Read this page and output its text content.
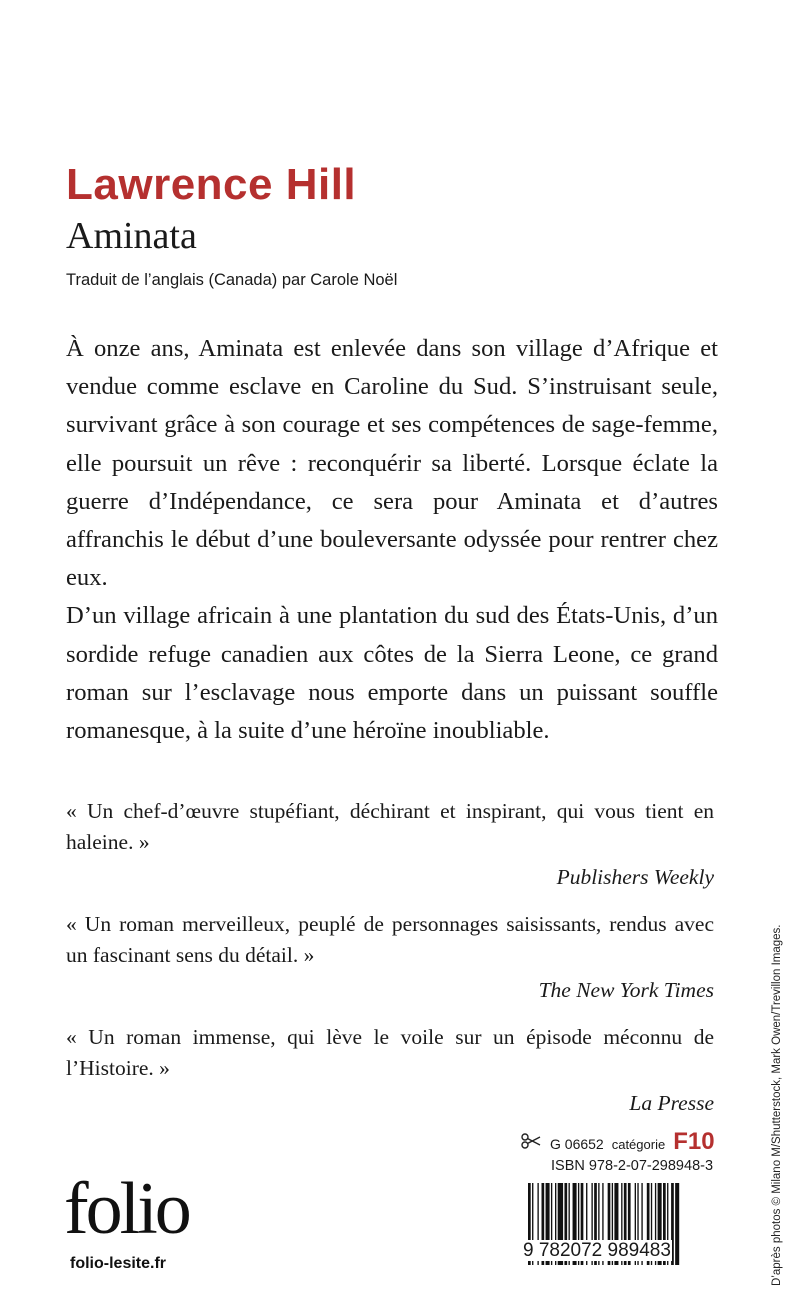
Lawrence Hill
Aminata
Traduit de l’anglais (Canada) par Carole Noël

À onze ans, Aminata est enlevée dans son village d’Afrique et vendue comme esclave en Caroline du Sud. S’instruisant seule, survivant grâce à son courage et ses compétences de sage-femme, elle poursuit un rêve : reconquérir sa liberté. Lorsque éclate la guerre d’Indépendance, ce sera pour Aminata et d’autres affranchis le début d’une bouleversante odyssée pour rentrer chez eux.

D’un village africain à une plantation du sud des États-Unis, d’un sordide refuge canadien aux côtes de la Sierra Leone, ce grand roman sur l’esclavage nous emporte dans un puissant souffle romanesque, à la suite d’une héroïne inoubliable.

« Un chef-d’œuvre stupéfiant, déchirant et inspirant, qui vous tient en haleine. »

Publishers Weekly

« Un roman merveilleux, peuplé de personnages saisissants, rendus avec un fascinant sens du détail. »

The New York Times

« Un roman immense, qui lève le voile sur un épisode méconnu de l’Histoire. »

La Presse

G 06652 catégorie F10
ISBN 978-2-07-298948-3
9 782072 989483
folio
folio-lesite.fr	D’après photos © Milano M/Shutterstock, Mark Owen/Trevillon Images.
